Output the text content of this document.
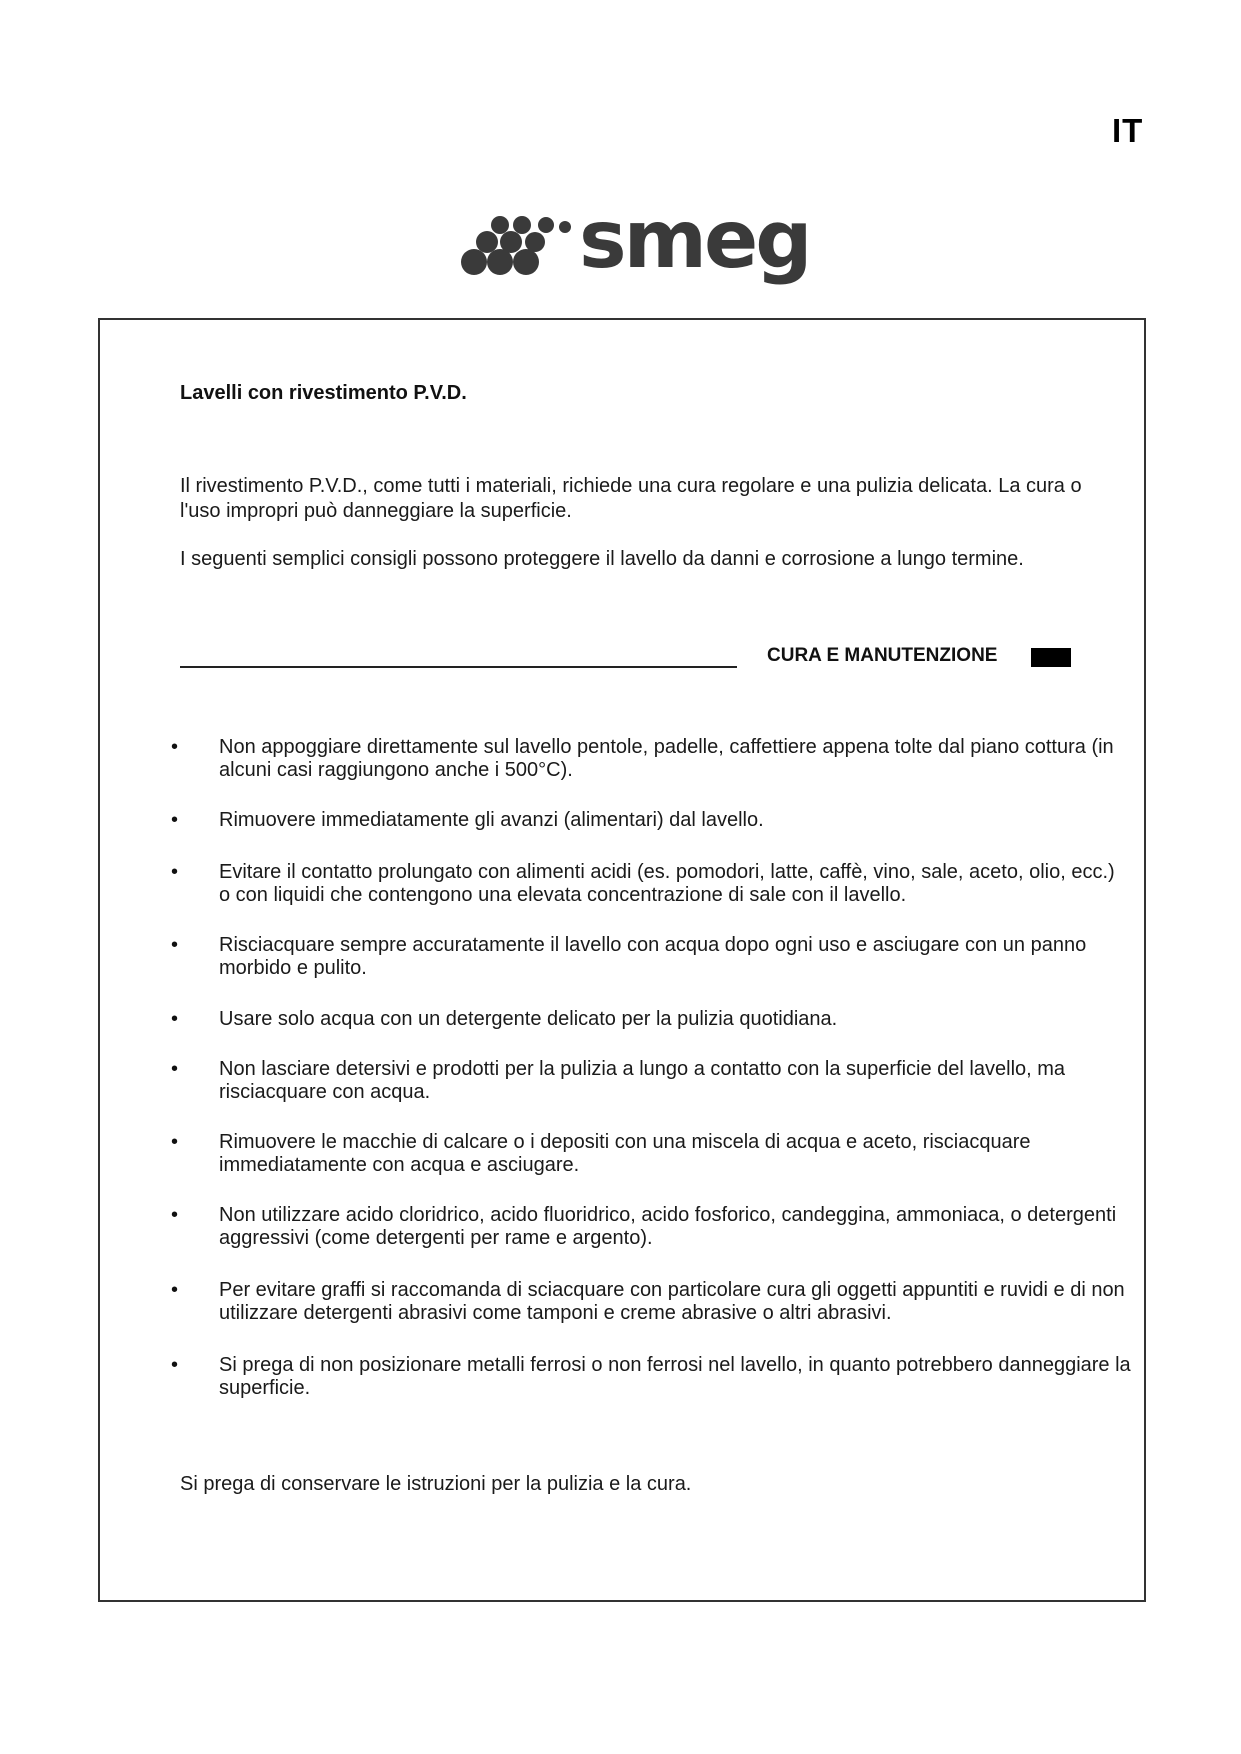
IT
smeg
Lavelli con rivestimento P.V.D.

Il rivestimento P.V.D., come tutti i materiali, richiede una cura regolare e una pulizia delicata. La cura o l'uso impropri può danneggiare la superficie.

I seguenti semplici consigli possono proteggere il lavello da danni e corrosione a lungo termine.

CURA E MANUTENZIONE
• Non appoggiare direttamente sul lavello pentole, padelle, caffettiere appena tolte dal piano cottura (in alcuni casi raggiungono anche i 500°C).
• Rimuovere immediatamente gli avanzi (alimentari) dal lavello.
• Evitare il contatto prolungato con alimenti acidi (es. pomodori, latte, caffè, vino, sale, aceto, olio, ecc.) o con liquidi che contengono una elevata concentrazione di sale con il lavello.
• Risciacquare sempre accuratamente il lavello con acqua dopo ogni uso e asciugare con un panno morbido e pulito.
• Usare solo acqua con un detergente delicato per la pulizia quotidiana.
• Non lasciare detersivi e prodotti per la pulizia a lungo a contatto con la superficie del lavello, ma risciacquare con acqua.
• Rimuovere le macchie di calcare o i depositi con una miscela di acqua e aceto, risciacquare immediatamente con acqua e asciugare.
• Non utilizzare acido cloridrico, acido fluoridrico, acido fosforico, candeggina, ammoniaca, o detergenti aggressivi (come detergenti per rame e argento).
• Per evitare graffi si raccomanda di sciacquare con particolare cura gli oggetti appuntiti e ruvidi e di non utilizzare detergenti abrasivi come tamponi e creme abrasive o altri abrasivi.
• Si prega di non posizionare metalli ferrosi o non ferrosi nel lavello, in quanto potrebbero danneggiare la superficie.

Si prega di conservare le istruzioni per la pulizia e la cura.
